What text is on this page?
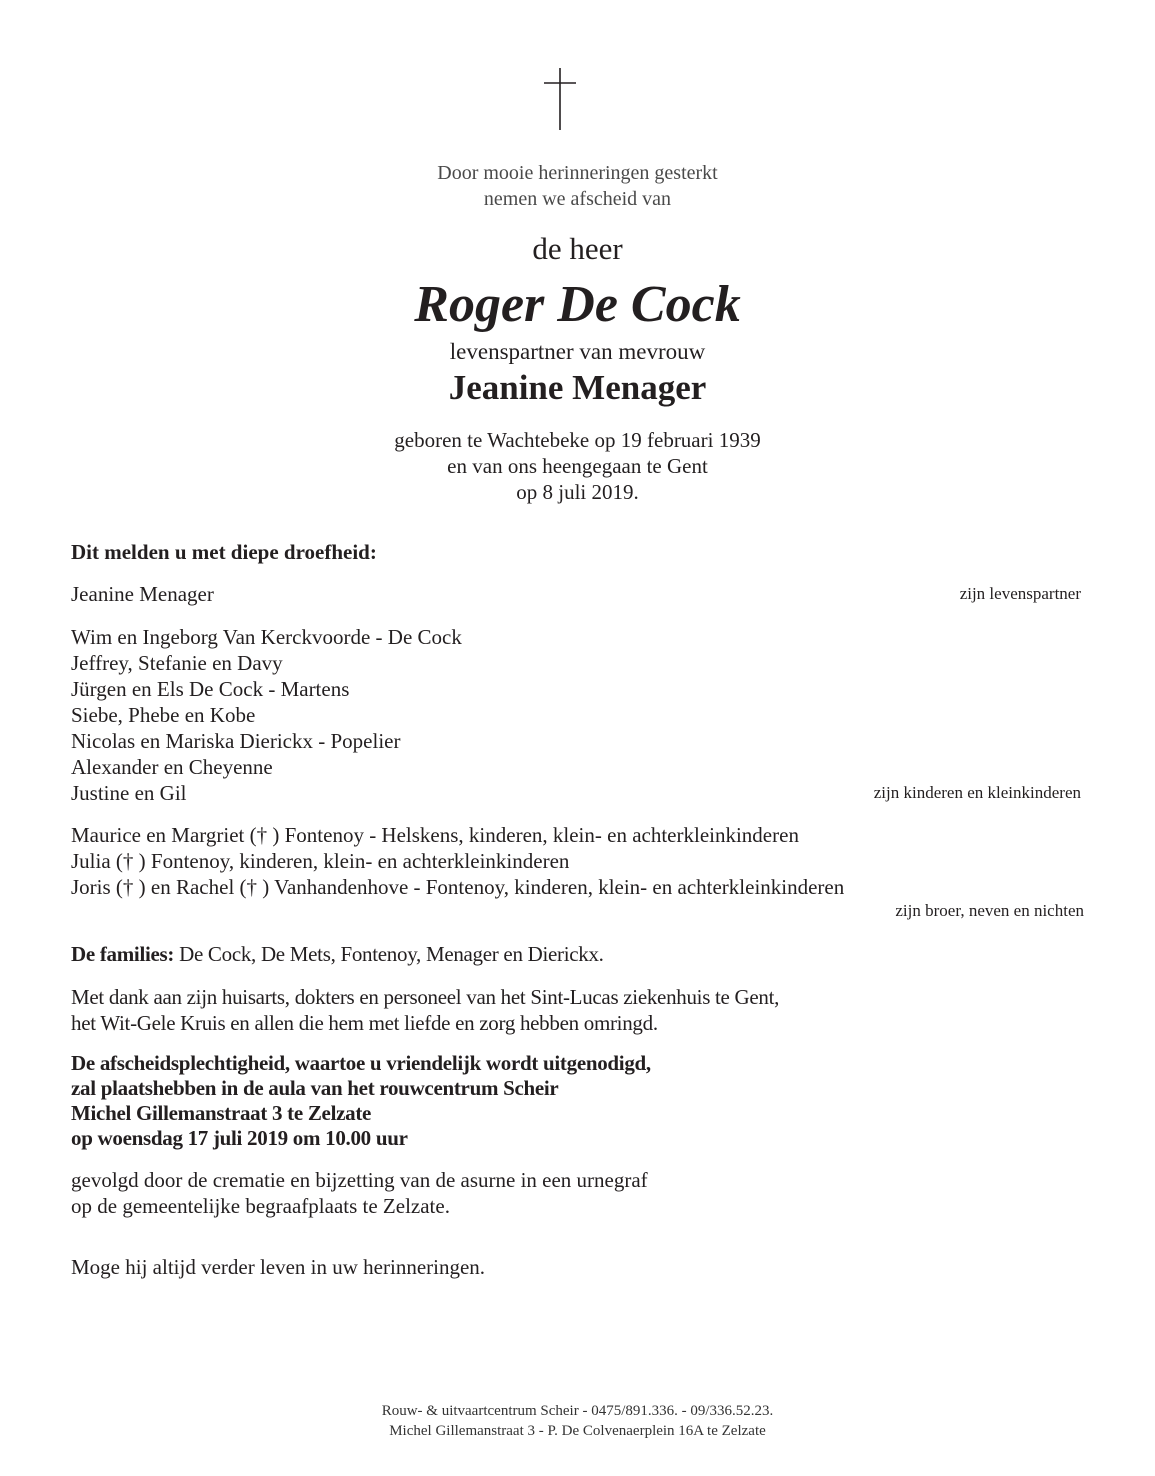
Door mooie herinneringen gesterkt
nemen we afscheid van
de heer
Roger De Cock
levenspartner van mevrouw
Jeanine Menager
geboren te Wachtebeke op 19 februari 1939
en van ons heengegaan te Gent
op 8 juli 2019.
Dit melden u met diepe droefheid:
Jeanine Menager	zijn levenspartner
Wim en Ingeborg Van Kerckvoorde - De Cock
Jeffrey, Stefanie en Davy
Jürgen en Els De Cock - Martens
Siebe, Phebe en Kobe
Nicolas en Mariska Dierickx - Popelier
Alexander en Cheyenne
Justine en Gil	zijn kinderen en kleinkinderen
Maurice en Margriet († ) Fontenoy - Helskens, kinderen, klein- en achterkleinkinderen
Julia († ) Fontenoy, kinderen, klein- en achterkleinkinderen
Joris († ) en Rachel († ) Vanhandenhove - Fontenoy, kinderen, klein- en achterkleinkinderen
zijn broer, neven en nichten
De families: De Cock, De Mets, Fontenoy, Menager en Dierickx.
Met dank aan zijn huisarts, dokters en personeel van het Sint-Lucas ziekenhuis te Gent,
het Wit-Gele Kruis en allen die hem met liefde en zorg hebben omringd.
De afscheidsplechtigheid, waartoe u vriendelijk wordt uitgenodigd,
zal plaatshebben in de aula van het rouwcentrum Scheir
Michel Gillemanstraat 3 te Zelzate
op woensdag 17 juli 2019 om 10.00 uur
gevolgd door de crematie en bijzetting van de asurne in een urnegraf
op de gemeentelijke begraafplaats te Zelzate.
Moge hij altijd verder leven in uw herinneringen.
Rouw- & uitvaartcentrum Scheir - 0475/891.336. - 09/336.52.23.
Michel Gillemanstraat 3 - P. De Colvenaerplein 16A te Zelzate
